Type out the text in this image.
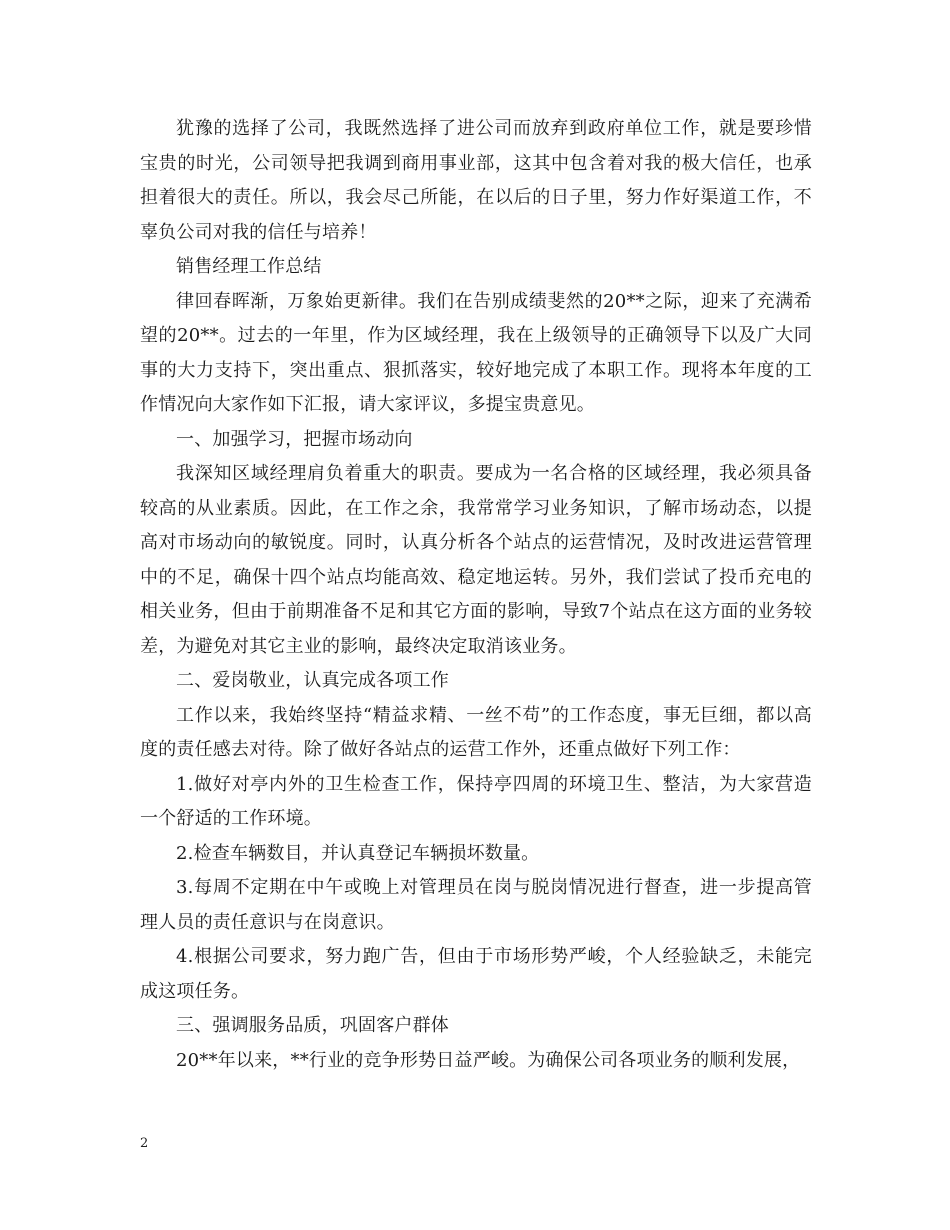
犹豫的选择了公司，我既然选择了进公司而放弃到政府单位工作，就是要珍惜宝贵的时光，公司领导把我调到商用事业部，这其中包含着对我的极大信任，也承担着很大的责任。所以，我会尽己所能，在以后的日子里，努力作好渠道工作，不辜负公司对我的信任与培养！

销售经理工作总结

律回春晖渐，万象始更新律。我们在告别成绩斐然的20**之际，迎来了充满希望的20**。过去的一年里，作为区域经理，我在上级领导的正确领导下以及广大同事的大力支持下，突出重点、狠抓落实，较好地完成了本职工作。现将本年度的工作情况向大家作如下汇报，请大家评议，多提宝贵意见。

一、加强学习，把握市场动向

我深知区域经理肩负着重大的职责。要成为一名合格的区域经理，我必须具备较高的从业素质。因此，在工作之余，我常常学习业务知识，了解市场动态，以提高对市场动向的敏锐度。同时，认真分析各个站点的运营情况，及时改进运营管理中的不足，确保十四个站点均能高效、稳定地运转。另外，我们尝试了投币充电的相关业务，但由于前期准备不足和其它方面的影响，导致7个站点在这方面的业务较差，为避免对其它主业的影响，最终决定取消该业务。

二、爱岗敬业，认真完成各项工作

工作以来，我始终坚持“精益求精、一丝不苟”的工作态度，事无巨细，都以高度的责任感去对待。除了做好各站点的运营工作外，还重点做好下列工作：

1.做好对亭内外的卫生检查工作，保持亭四周的环境卫生、整洁，为大家营造一个舒适的工作环境。

2.检查车辆数目，并认真登记车辆损坏数量。

3.每周不定期在中午或晚上对管理员在岗与脱岗情况进行督查，进一步提高管理人员的责任意识与在岗意识。

4.根据公司要求，努力跑广告，但由于市场形势严峻，个人经验缺乏，未能完成这项任务。

三、强调服务品质，巩固客户群体

20**年以来，**行业的竞争形势日益严峻。为确保公司各项业务的顺利发展，

2
